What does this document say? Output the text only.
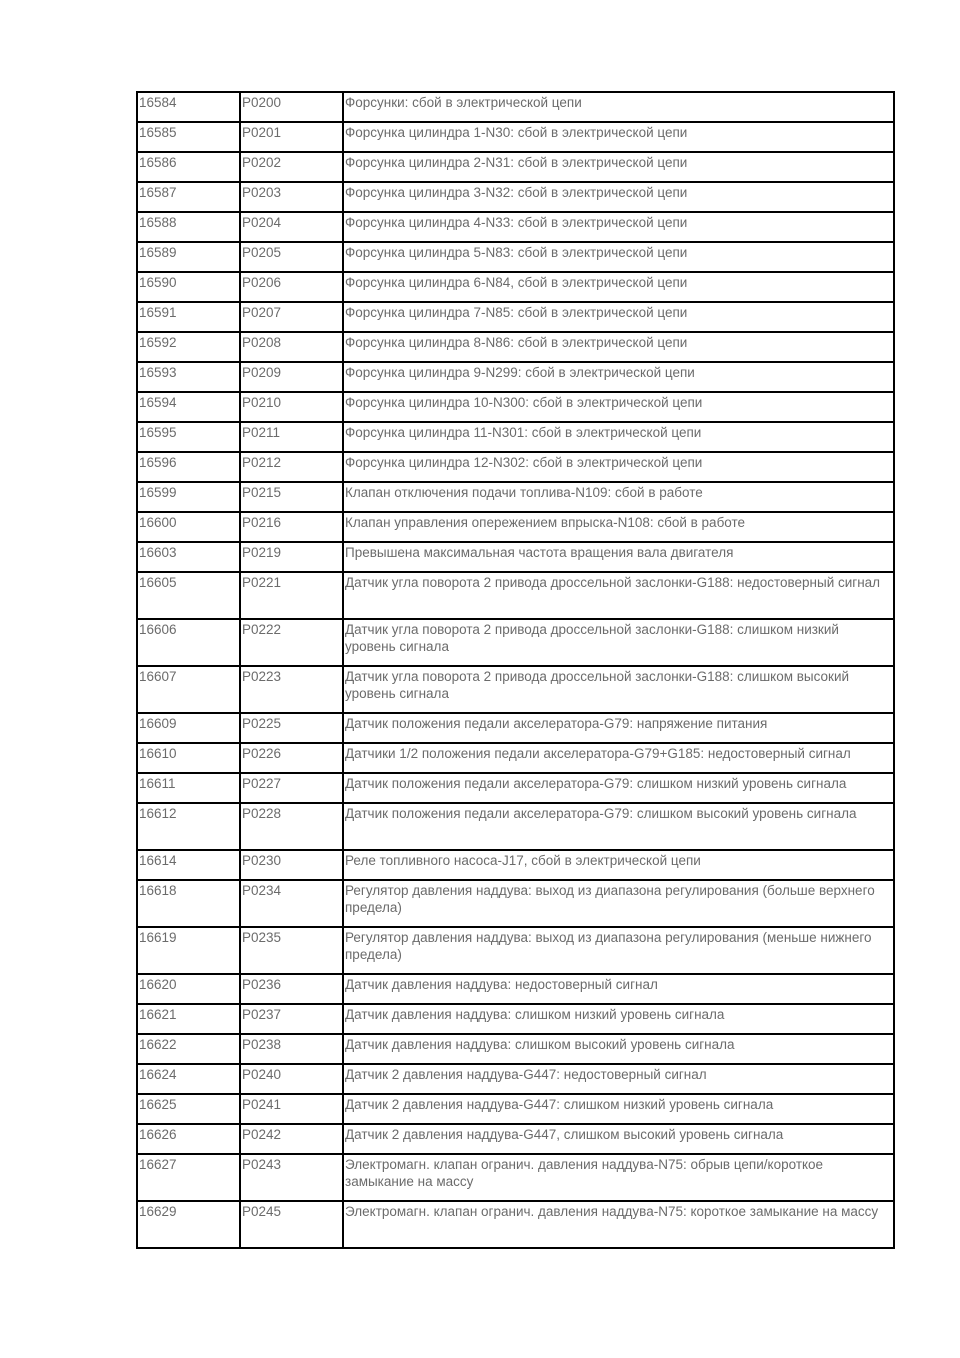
16584	P0200	Форсунки: сбой в электрической цепи
16585	P0201	Форсунка цилиндра 1-N30: сбой в электрической цепи
16586	P0202	Форсунка цилиндра 2-N31: сбой в электрической цепи
16587	P0203	Форсунка цилиндра 3-N32: сбой в электрической цепи
16588	P0204	Форсунка цилиндра 4-N33: сбой в электрической цепи
16589	P0205	Форсунка цилиндра 5-N83: сбой в электрической цепи
16590	P0206	Форсунка цилиндра 6-N84, сбой в электрической цепи
16591	P0207	Форсунка цилиндра 7-N85: сбой в электрической цепи
16592	P0208	Форсунка цилиндра 8-N86: сбой в электрической цепи
16593	P0209	Форсунка цилиндра 9-N299: сбой в электрической цепи
16594	P0210	Форсунка цилиндра 10-N300: сбой в электрической цепи
16595	P0211	Форсунка цилиндра 11-N301: сбой в электрической цепи
16596	P0212	Форсунка цилиндра 12-N302: сбой в электрической цепи
16599	P0215	Клапан отключения подачи топлива-N109: сбой в работе
16600	P0216	Клапан управления опережением впрыска-N108: сбой в работе
16603	P0219	Превышена максимальная частота вращения вала двигателя
16605	P0221	Датчик угла поворота 2 привода дроссельной заслонки-G188: недостоверный сигнал
16606	P0222	Датчик угла поворота 2 привода дроссельной заслонки-G188: слишком низкий уровень сигнала
16607	P0223	Датчик угла поворота 2 привода дроссельной заслонки-G188: слишком высокий уровень сигнала
16609	P0225	Датчик положения педали акселератора-G79: напряжение питания
16610	P0226	Датчики 1/2 положения педали акселератора-G79+G185: недостоверный сигнал
16611	P0227	Датчик положения педали акселератора-G79: слишком низкий уровень сигнала
16612	P0228	Датчик положения педали акселератора-G79: слишком высокий уровень сигнала
16614	P0230	Реле топливного насоса-J17, сбой в электрической цепи
16618	P0234	Регулятор давления наддува: выход из диапазона регулирования (больше верхнего предела)
16619	P0235	Регулятор давления наддува: выход из диапазона регулирования (меньше нижнего предела)
16620	P0236	Датчик давления наддува: недостоверный сигнал
16621	P0237	Датчик давления наддува: слишком низкий уровень сигнала
16622	P0238	Датчик давления наддува: слишком высокий уровень сигнала
16624	P0240	Датчик 2 давления наддува-G447: недостоверный сигнал
16625	P0241	Датчик 2 давления наддува-G447: слишком низкий уровень сигнала
16626	P0242	Датчик 2 давления наддува-G447, слишком высокий уровень сигнала
16627	P0243	Электромагн. клапан огранич. давления наддува-N75: обрыв цепи/короткое замыкание на массу
16629	P0245	Электромагн. клапан огранич. давления наддува-N75: короткое замыкание на массу
